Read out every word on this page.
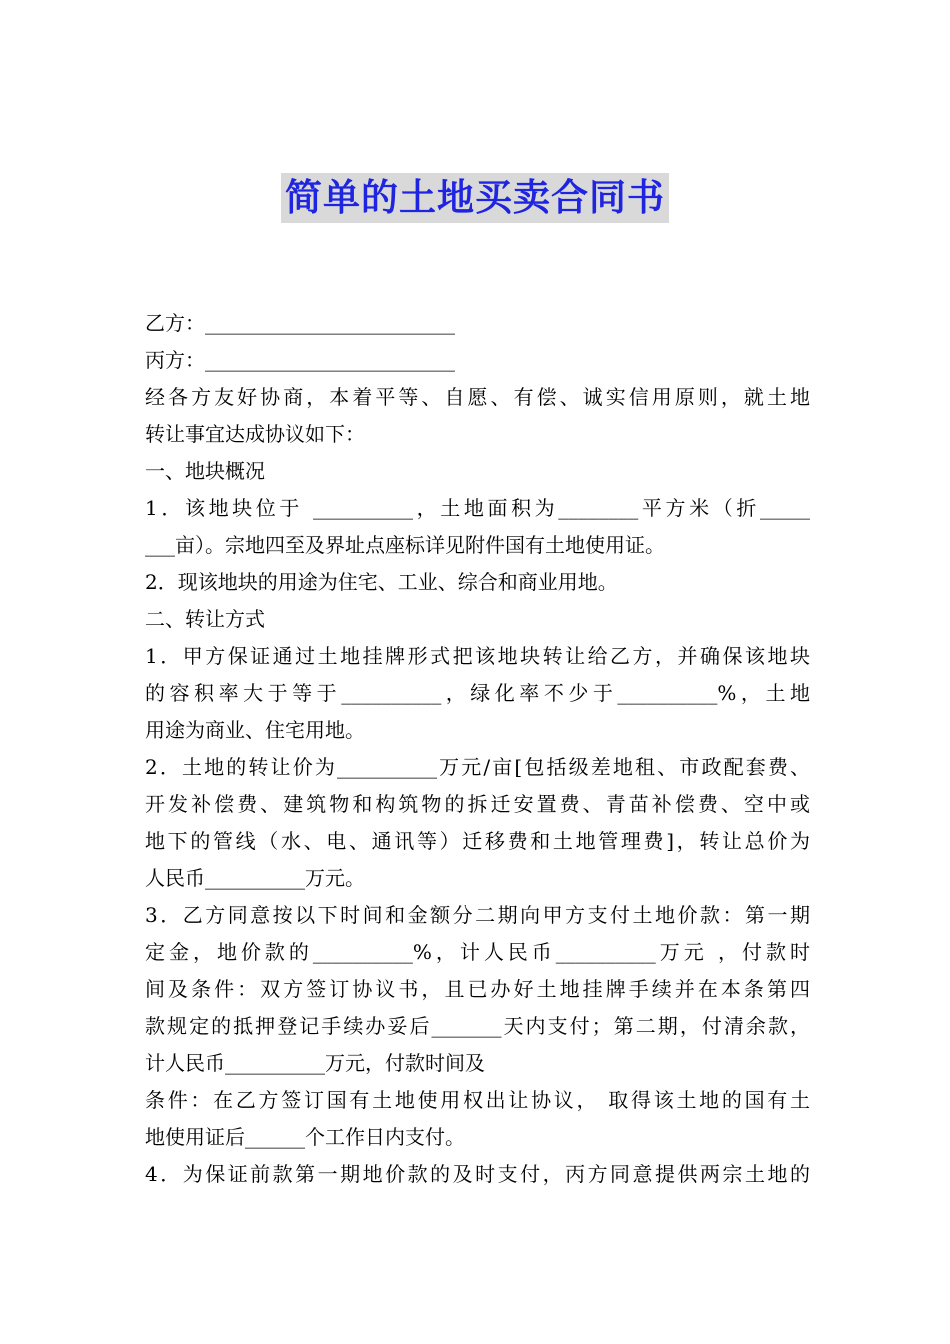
简单的土地买卖合同书
乙方：_________________________
丙方：_________________________
经各方友好协商，本着平等、自愿、有偿、诚实信用原则，就土地
转让事宜达成协议如下：
一、地块概况
1．该地块位于 __________，土地面积为________平方米（折_____
___亩）。宗地四至及界址点座标详见附件国有土地使用证。
2．现该地块的用途为住宅、工业、综合和商业用地。
二、转让方式
1．甲方保证通过土地挂牌形式把该地块转让给乙方，并确保该地块
的容积率大于等于__________，绿化率不少于__________%，土地
用途为商业、住宅用地。
2．土地的转让价为__________万元/亩[包括级差地租、市政配套费、
开发补偿费、建筑物和构筑物的拆迁安置费、青苗补偿费、空中或
地下的管线（水、电、通讯等）迁移费和土地管理费]，转让总价为
人民币__________万元。
3．乙方同意按以下时间和金额分二期向甲方支付土地价款：第一期
定金，地价款的__________%，计人民币__________万元 ，付款时
间及条件：双方签订协议书，且已办好土地挂牌手续并在本条第四
款规定的抵押登记手续办妥后_______天内支付；第二期，付清余款，
计人民币__________万元，付款时间及
条件：在乙方签订国有土地使用权出让协议， 取得该土地的国有土
地使用证后______个工作日内支付。
4．为保证前款第一期地价款的及时支付，丙方同意提供两宗土地的
